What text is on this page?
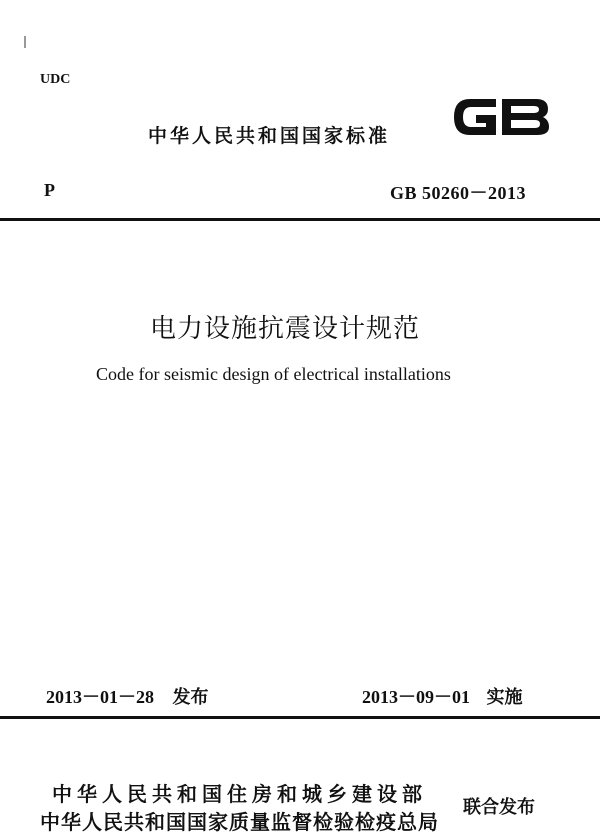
UDC
中华人民共和国国家标准
P	GB 50260－2013
电力设施抗震设计规范
Code for seismic design of electrical installations
2013－01－28 发布	2013－09－01 实施
中华人民共和国住房和城乡建设部
中华人民共和国国家质量监督检验检疫总局
联合发布
